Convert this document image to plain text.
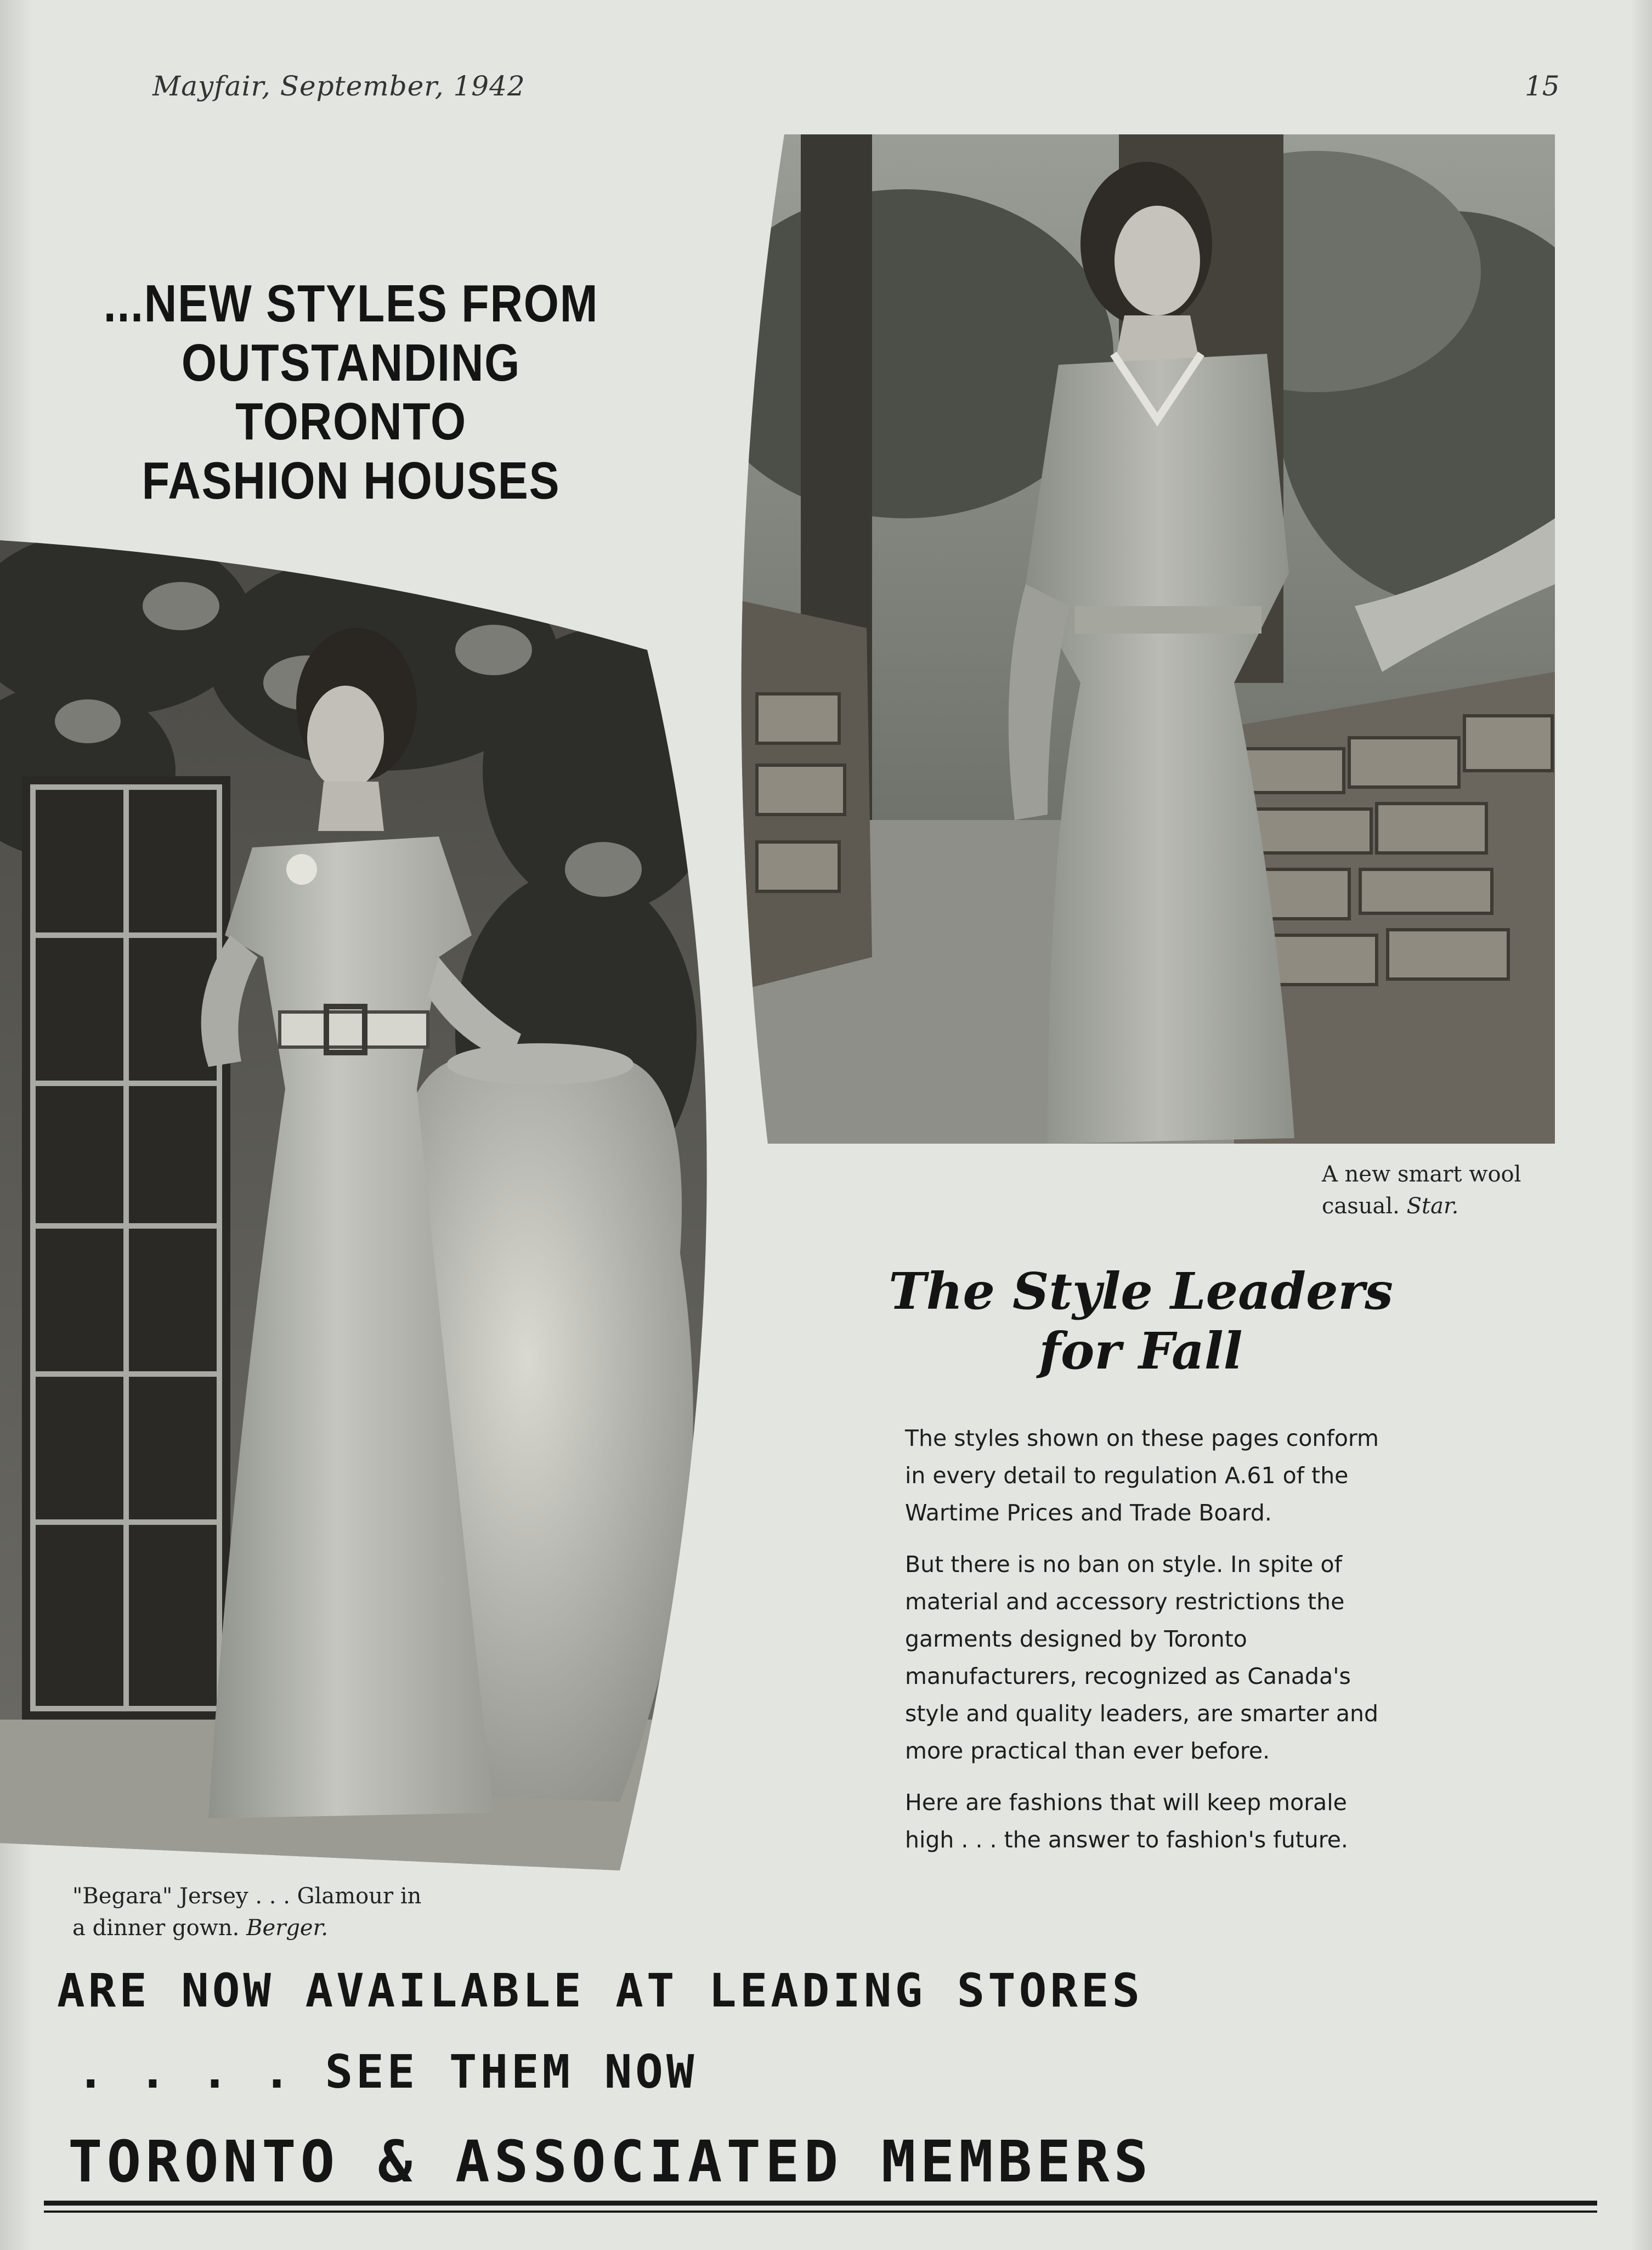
Mayfair, September, 1942	15
...NEW STYLES FROM
OUTSTANDING TORONTO
FASHION HOUSES
A new smart wool
casual. Star.
"Begara" Jersey . . . Glamour in
a dinner gown. Berger.
The Style Leaders
for Fall

The styles shown on these pages conform in every detail to regulation A.61 of the Wartime Prices and Trade Board.

But there is no ban on style. In spite of material and accessory restrictions the garments designed by Toronto manufacturers, recognized as Canada's style and quality leaders, are smarter and more practical than ever before.

Here are fashions that will keep morale high . . . the answer to fashion's future.

ARE NOW AVAILABLE AT LEADING STORES
. . . . SEE THEM NOW
TORONTO & ASSOCIATED MEMBERS
